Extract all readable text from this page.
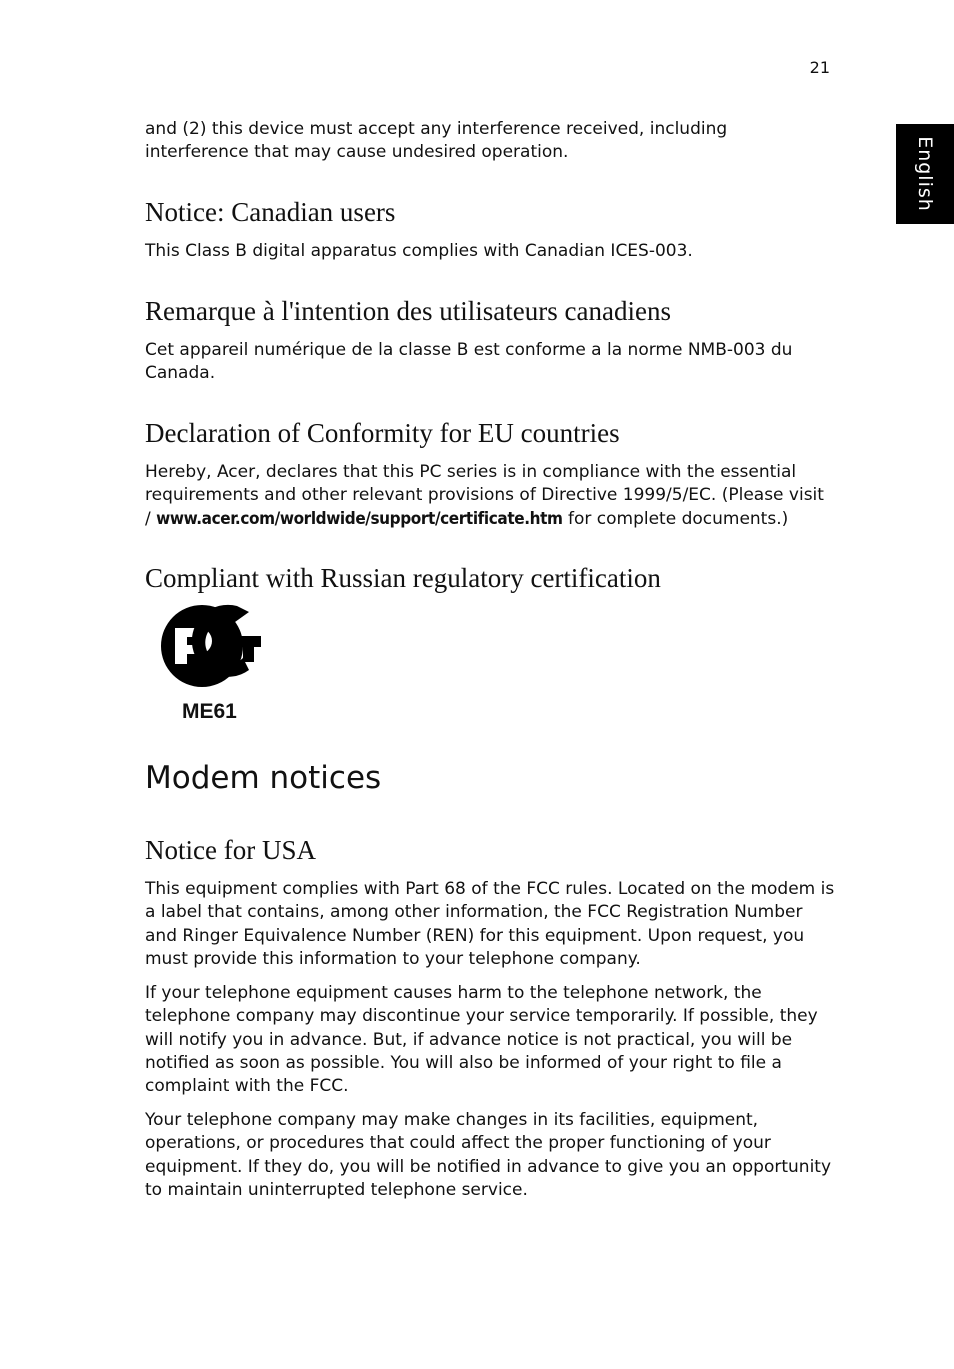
21
English

and (2) this device must accept any interference received, including interference that may cause undesired operation.

Notice: Canadian users

This Class B digital apparatus complies with Canadian ICES-003.

Remarque à l'intention des utilisateurs canadiens

Cet appareil numérique de la classe B est conforme a la norme NMB-003 du Canada.

Declaration of Conformity for EU countries

Hereby, Acer, declares that this PC series is in compliance with the essential requirements and other relevant provisions of Directive 1999/5/EC. (Please visit / www.acer.com/worldwide/support/certificate.htm for complete documents.)

Compliant with Russian regulatory certification
Modem notices
Notice for USA

This equipment complies with Part 68 of the FCC rules. Located on the modem is a label that contains, among other information, the FCC Registration Number and Ringer Equivalence Number (REN) for this equipment. Upon request, you must provide this information to your telephone company.

If your telephone equipment causes harm to the telephone network, the telephone company may discontinue your service temporarily. If possible, they will notify you in advance. But, if advance notice is not practical, you will be notified as soon as possible. You will also be informed of your right to file a complaint with the FCC.

Your telephone company may make changes in its facilities, equipment, operations, or procedures that could affect the proper functioning of your equipment. If they do, you will be notified in advance to give you an opportunity to maintain uninterrupted telephone service.

ME61
